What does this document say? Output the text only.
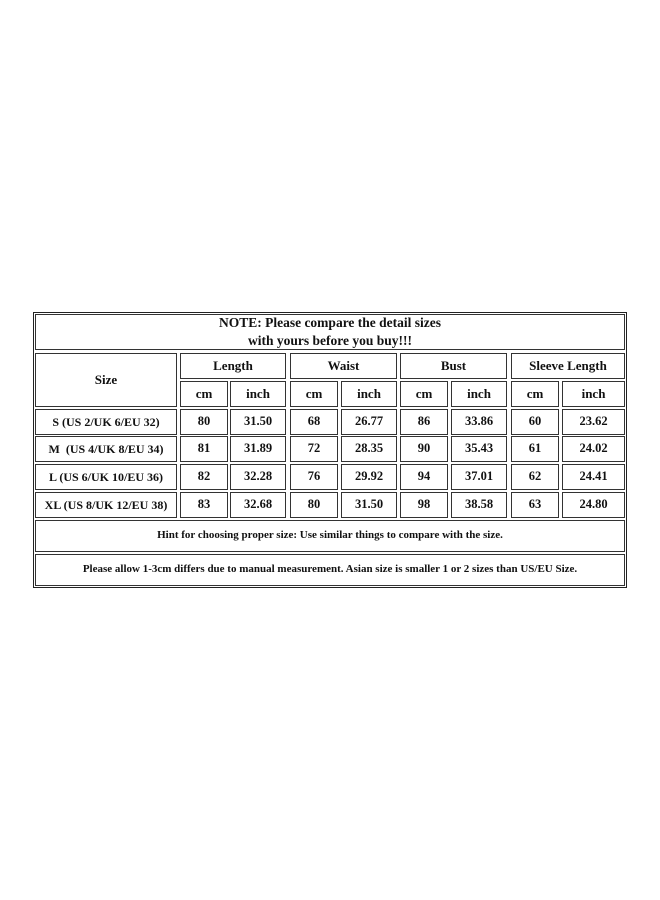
NOTE: Please compare the detail sizes
with yours before you buy!!!
Size
Length	Waist	Bust	Sleeve Length
cm	inch	cm	inch	cm	inch	cm	inch
S (US 2/UK 6/EU 32)	80	31.50	68	26.77	86	33.86	60	23.62
M  (US 4/UK 8/EU 34)	81	31.89	72	28.35	90	35.43	61	24.02
L (US 6/UK 10/EU 36)	82	32.28	76	29.92	94	37.01	62	24.41
XL (US 8/UK 12/EU 38)	83	32.68	80	31.50	98	38.58	63	24.80
Hint for choosing proper size: Use similar things to compare with the size.
Please allow 1-3cm differs due to manual measurement. Asian size is smaller 1 or 2 sizes than US/EU Size.
